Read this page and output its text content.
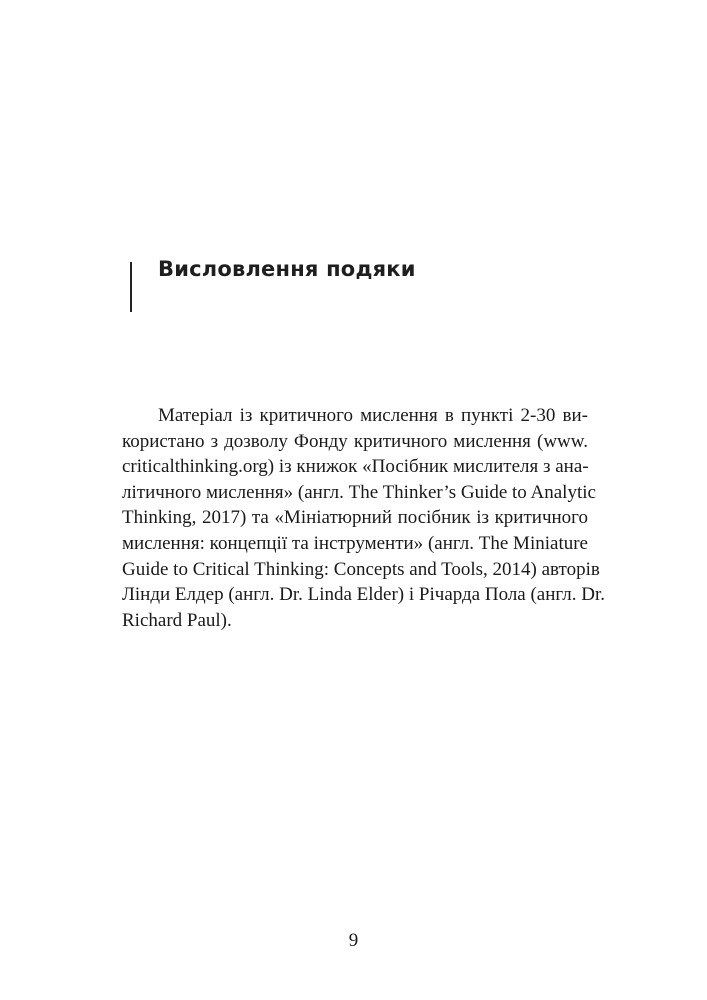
Висловлення подяки
Матеріал із критичного мислення в пункті 2-30 ви-
користано з дозволу Фонду критичного мислення (www.
criticalthinking.org) із книжок «Посібник мислителя з ана-
літичного мислення» (англ. The Thinker’s Guide to Analytic
Thinking, 2017) та «Мініатюрний посібник із критичного
мислення: концепції та інструменти» (англ. The Miniature
Guide to Critical Thinking: Concepts and Tools, 2014) авторів
Лінди Елдер (англ. Dr. Linda Elder) і Річарда Пола (англ. Dr.
Richard Paul).
9
